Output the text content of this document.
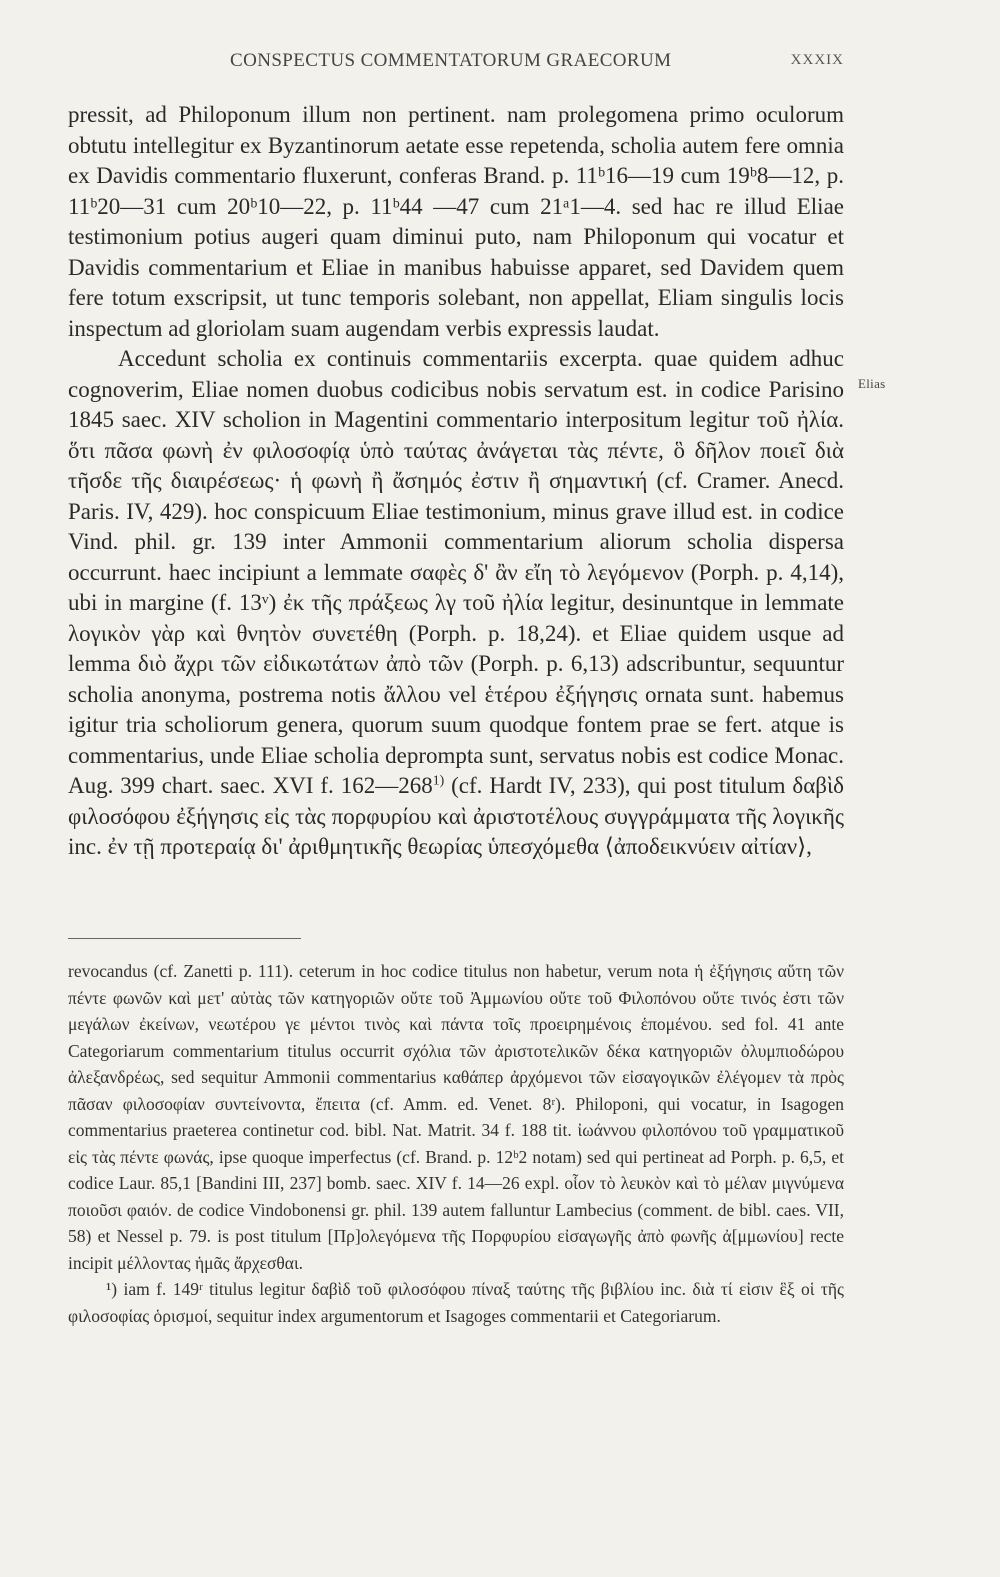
CONSPECTUS COMMENTATORUM GRAECORUM	XXXIX

pressit, ad Philoponum illum non pertinent. nam prolegomena primo oculorum obtutu intellegitur ex Byzantinorum aetate esse repetenda, scholia autem fere omnia ex Davidis commentario fluxerunt, conferas Brand. p. 11ᵇ16—19 cum 19ᵇ8—12, p. 11ᵇ20—31 cum 20ᵇ10—22, p. 11ᵇ44 —47 cum 21ᵃ1—4. sed hac re illud Eliae testimonium potius augeri quam diminui puto, nam Philoponum qui vocatur et Davidis commentarium et Eliae in manibus habuisse apparet, sed Davidem quem fere totum exscripsit, ut tunc temporis solebant, non appellat, Eliam singulis locis inspectum ad gloriolam suam augendam verbis expressis laudat.

Accedunt scholia ex continuis commentariis excerpta. quae quidem adhuc cognoverim, Eliae nomen duobus codicibus nobis servatum est. in codice Parisino 1845 saec. XIV scholion in Magentini commentario interpositum legitur τοῦ ἠλία. ὅτι πᾶσα φωνὴ ἐν φιλοσοφίᾳ ὑπὸ ταύτας ἀνάγεται τὰς πέντε, ὃ δῆλον ποιεῖ διὰ τῆσδε τῆς διαιρέσεως· ἡ φωνὴ ἢ ἄσημός ἐστιν ἢ σημαντική (cf. Cramer. Anecd. Paris. IV, 429). hoc conspicuum Eliae testimonium, minus grave illud est. in codice Vind. phil. gr. 139 inter Ammonii commentarium aliorum scholia dispersa occurrunt. haec incipiunt a lemmate σαφὲς δ' ἂν εἴη τὸ λεγόμενον (Porph. p. 4,14), ubi in margine (f. 13ᵛ) ἐκ τῆς πράξεως λγ τοῦ ἠλία legitur, desinuntque in lemmate λογικὸν γὰρ καὶ θνητὸν συνετέθη (Porph. p. 18,24). et Eliae quidem usque ad lemma διὸ ἄχρι τῶν εἰδικωτάτων ἀπὸ τῶν (Porph. p. 6,13) adscribuntur, sequuntur scholia anonyma, postrema notis ἄλλου vel ἑτέρου ἐξήγησις ornata sunt. habemus igitur tria scholiorum genera, quorum suum quodque fontem prae se fert. atque is commentarius, unde Eliae scholia deprompta sunt, servatus nobis est codice Monac. Aug. 399 chart. saec. XVI f. 162—268$^{1)}$ (cf. Hardt IV, 233), qui post titulum δαβὶδ φιλοσόφου ἐξήγησις εἰς τὰς πορφυρίου καὶ ἀριστοτέλους συγγράμματα τῆς λογικῆς inc. ἐν τῇ προτεραίᾳ δι' ἀριθμητικῆς θεωρίας ὑπεσχόμεθα ⟨ἀποδεικνύειν αἰτίαν⟩,

Elias

revocandus (cf. Zanetti p. 111). ceterum in hoc codice titulus non habetur, verum nota ἡ ἐξήγησις αὕτη τῶν πέντε φωνῶν καὶ μετ' αὐτὰς τῶν κατηγοριῶν οὔτε τοῦ Ἀμμωνίου οὔτε τοῦ Φιλοπόνου οὔτε τινός ἐστι τῶν μεγάλων ἐκείνων, νεωτέρου γε μέντοι τινὸς καὶ πάντα τοῖς προειρημένοις ἑπομένου. sed fol. 41 ante Categoriarum commentarium titulus occurrit σχόλια τῶν ἀριστοτελικῶν δέκα κατηγοριῶν ὀλυμπιοδώρου ἀλεξανδρέως, sed sequitur Ammonii commentarius καθάπερ ἀρχόμενοι τῶν εἰσαγογικῶν ἐλέγομεν τὰ πρὸς πᾶσαν φιλοσοφίαν συντείνοντα, ἔπειτα (cf. Amm. ed. Venet. 8ʳ). Philoponi, qui vocatur, in Isagogen commentarius praeterea continetur cod. bibl. Nat. Matrit. 34 f. 188 tit. ἰωάννου φιλοπόνου τοῦ γραμματικοῦ εἰς τὰς πέντε φωνάς, ipse quoque imperfectus (cf. Brand. p. 12ᵇ2 notam) sed qui pertineat ad Porph. p. 6,5, et codice Laur. 85,1 [Bandini III, 237] bomb. saec. XIV f. 14—26 expl. οἷον τὸ λευκὸν καὶ τὸ μέλαν μιγνύμενα ποιοῦσι φαιόν. de codice Vindobonensi gr. phil. 139 autem falluntur Lambecius (comment. de bibl. caes. VII, 58) et Nessel p. 79. is post titulum [Πρ]ολεγόμενα τῆς Πορφυρίου εἰσαγωγῆς ἀπὸ φωνῆς ἀ[μμωνίου] recte incipit μέλλοντας ἡμᾶς ἄρχεσθαι.

¹) iam f. 149ʳ titulus legitur δαβὶδ τοῦ φιλοσόφου πίναξ ταύτης τῆς βιβλίου inc. διὰ τί εἰσιν ἓξ οἱ τῆς φιλοσοφίας ὁρισμοί, sequitur index argumentorum et Isagoges commentarii et Categoriarum.
